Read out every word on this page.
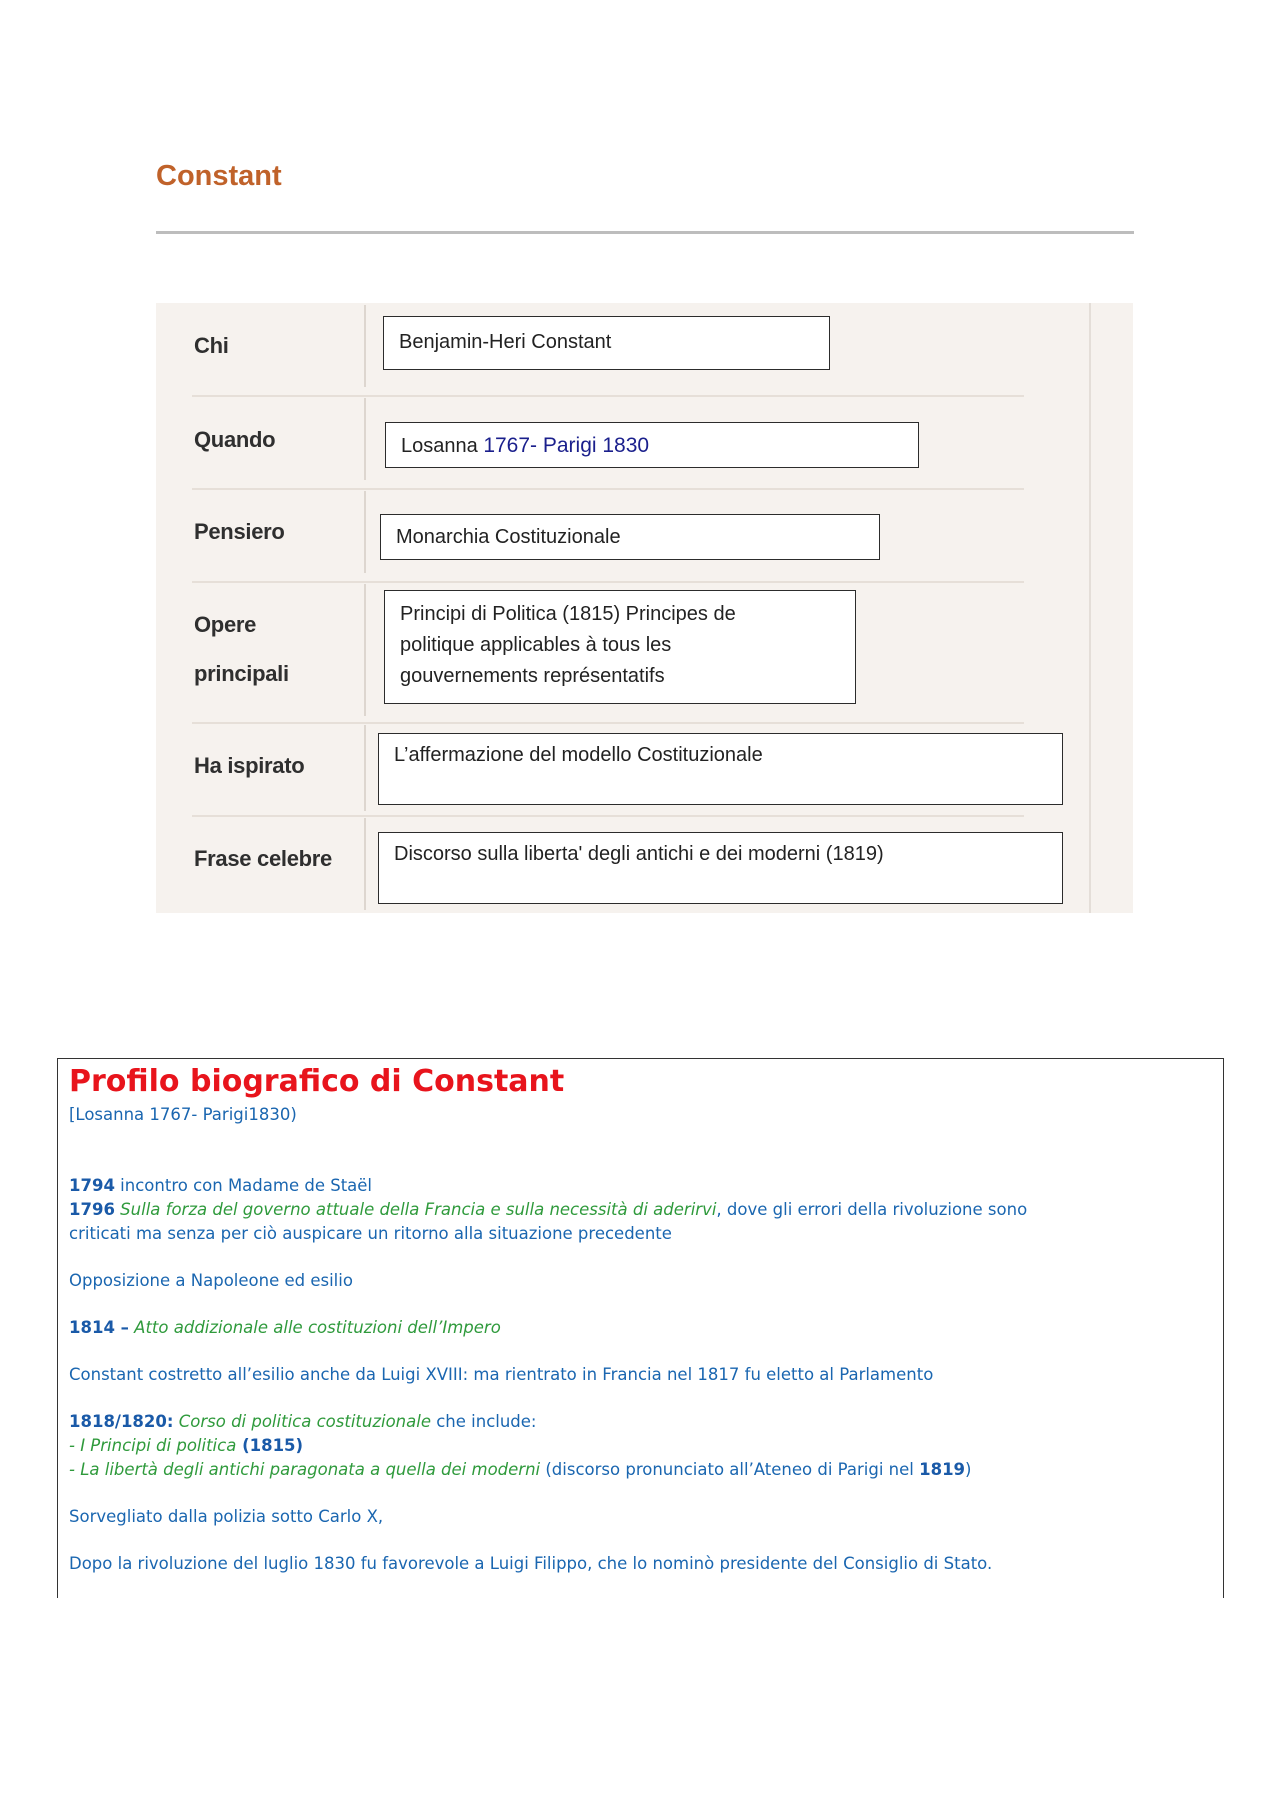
Constant
Chi
Quando
Pensiero
Opere
principali
Ha ispirato
Frase celebre
Benjamin-Heri Constant
Losanna 1767- Parigi 1830
Monarchia Costituzionale
Principi di Politica (1815) Principes de politique applicables à tous les gouvernements représentatifs
L’affermazione del modello Costituzionale
Discorso sulla liberta' degli antichi e dei moderni (1819)
Profilo biografico di Constant
[Losanna 1767- Parigi1830)
1794 incontro con Madame de Staël
1796 Sulla forza del governo attuale della Francia e sulla necessità di aderirvi, dove gli errori della rivoluzione sono
criticati ma senza per ciò auspicare un ritorno alla situazione precedente
Opposizione a Napoleone ed esilio
1814 – Atto addizionale alle costituzioni dell’Impero
Constant costretto all’esilio anche da Luigi XVIII: ma rientrato in Francia nel 1817 fu eletto al Parlamento
1818/1820: Corso di politica costituzionale che include:
- I Principi di politica (1815)
- La libertà degli antichi paragonata a quella dei moderni (discorso pronunciato all’Ateneo di Parigi nel 1819)
Sorvegliato dalla polizia sotto Carlo X,
Dopo la rivoluzione del luglio 1830 fu favorevole a Luigi Filippo, che lo nominò presidente del Consiglio di Stato.
